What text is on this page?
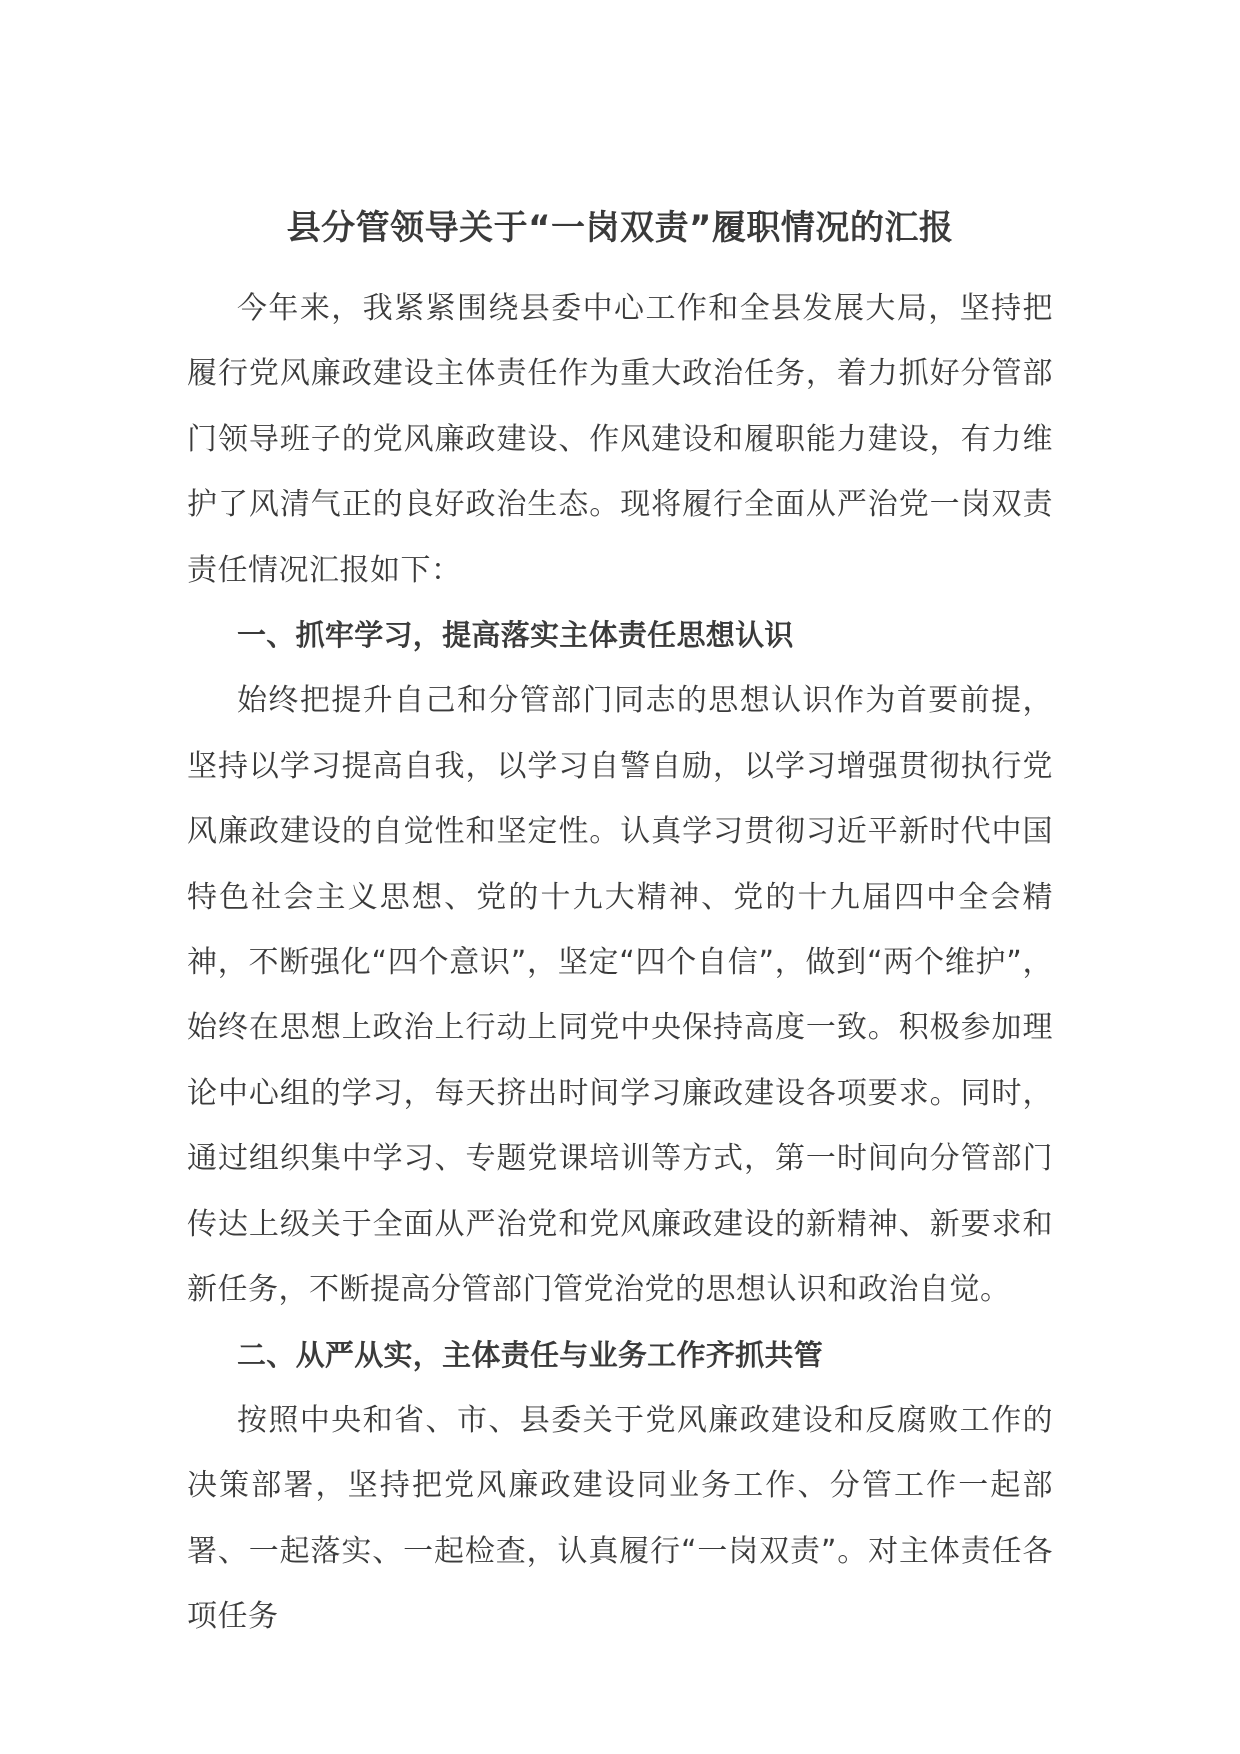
县分管领导关于“一岗双责”履职情况的汇报

今年来，我紧紧围绕县委中心工作和全县发展大局，坚持把履行党风廉政建设主体责任作为重大政治任务，着力抓好分管部门领导班子的党风廉政建设、作风建设和履职能力建设，有力维护了风清气正的良好政治生态。现将履行全面从严治党一岗双责责任情况汇报如下：

一、抓牢学习，提高落实主体责任思想认识

始终把提升自己和分管部门同志的思想认识作为首要前提，坚持以学习提高自我，以学习自警自励，以学习增强贯彻执行党风廉政建设的自觉性和坚定性。认真学习贯彻习近平新时代中国特色社会主义思想、党的十九大精神、党的十九届四中全会精神，不断强化“四个意识”，坚定“四个自信”，做到“两个维护”，始终在思想上政治上行动上同党中央保持高度一致。积极参加理论中心组的学习，每天挤出时间学习廉政建设各项要求。同时，通过组织集中学习、专题党课培训等方式，第一时间向分管部门传达上级关于全面从严治党和党风廉政建设的新精神、新要求和新任务，不断提高分管部门管党治党的思想认识和政治自觉。

二、从严从实，主体责任与业务工作齐抓共管

按照中央和省、市、县委关于党风廉政建设和反腐败工作的决策部署，坚持把党风廉政建设同业务工作、分管工作一起部署、一起落实、一起检查，认真履行“一岗双责”。对主体责任各项任务
